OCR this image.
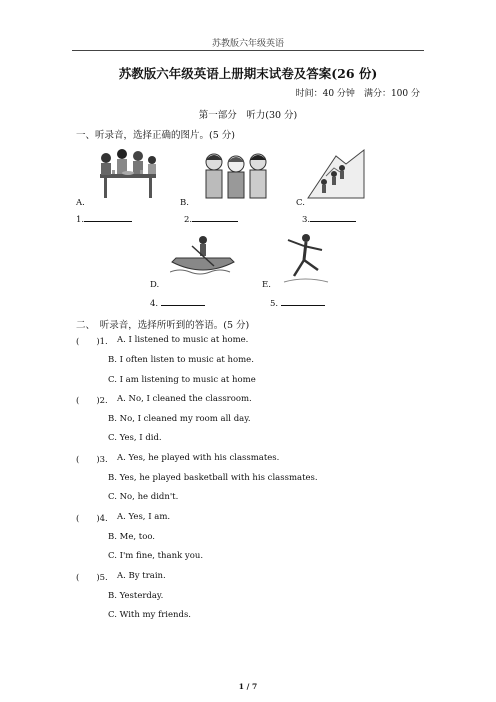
苏教版六年级英语
苏教版六年级英语上册期末试卷及答案(26 份)
时间：40 分钟　 满分：100 分
第一部分　听力(30 分)
一、听录音，选择正确的图片。(5 分)
A.	B.	C.
1.	2.	3.
D.	E.
4.	5.
二、　听录音，选择所听到的答语。(5 分)
(　　)1. A. I listened to music at home.
B. I often listen to music at home.
C. I am listening to music at home
(　　)2. A. No, I cleaned the classroom.
B. No, I cleaned my room all day.
C. Yes, I did.
(　　)3. A. Yes, he played with his classmates.
B. Yes, he played basketball with his classmates.
C. No, he didn't.
(　　)4. A. Yes, I am.
B. Me, too.
C. I'm fine, thank you.
(　　)5. A. By train.
B. Yesterday.
C. With my friends.
1 / 7
